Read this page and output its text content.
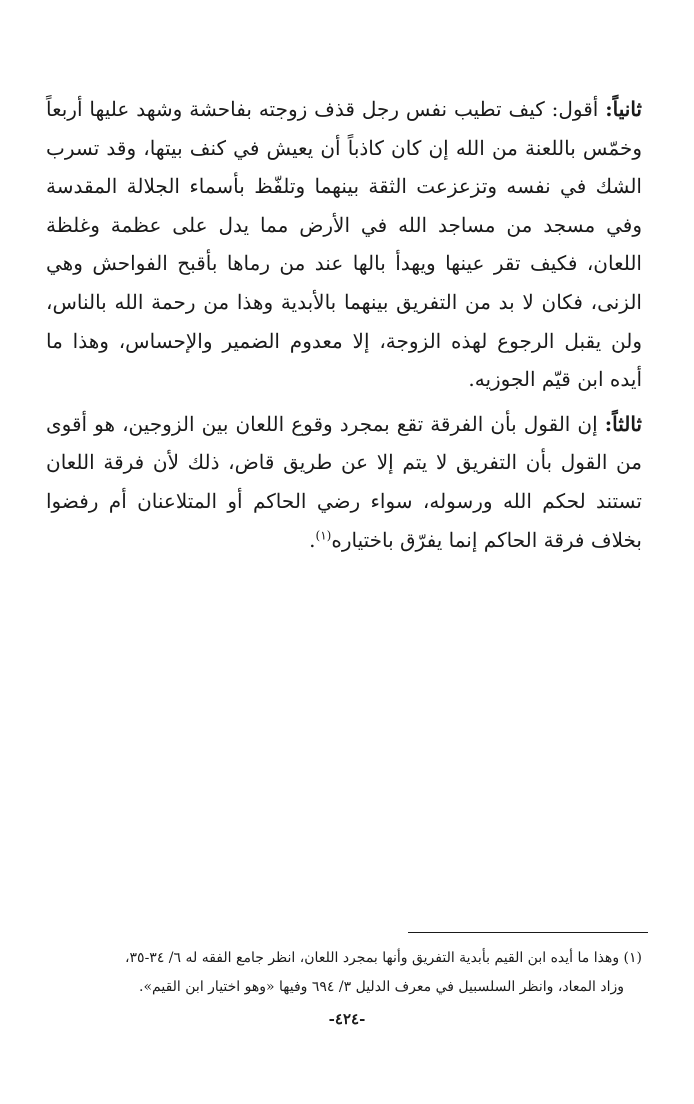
ثانياً: أقول: كيف تطيب نفس رجل قذف زوجته بفاحشة وشهد عليها أربعاً وخمّس باللعنة من الله إن كان كاذباً أن يعيش في كنف بيتها، وقد تسرب الشك في نفسه وتزعزعت الثقة بينهما وتلفّظ بأسماء الجلالة المقدسة وفي مسجد من مساجد الله في الأرض مما يدل على عظمة وغلظة اللعان، فكيف تقر عينها ويهدأ بالها عند من رماها بأقبح الفواحش وهي الزنى، فكان لا بد من التفريق بينهما بالأبدية وهذا من رحمة الله بالناس، ولن يقبل الرجوع لهذه الزوجة، إلا معدوم الضمير والإحساس، وهذا ما أيده ابن قيّم الجوزيه.

ثالثاً: إن القول بأن الفرقة تقع بمجرد وقوع اللعان بين الزوجين، هو أقوى من القول بأن التفريق لا يتم إلا عن طريق قاض، ذلك لأن فرقة اللعان تستند لحكم الله ورسوله، سواء رضي الحاكم أو المتلاعنان أم رفضوا بخلاف فرقة الحاكم إنما يفرّق باختياره$^{(١)}$.

(١) وهذا ما أيده ابن القيم بأبدية التفريق وأنها بمجرد اللعان، انظر جامع الفقه له ٦/ ٣٤-٣٥،

وزاد المعاد، وانظر السلسبيل في معرف الدليل ٣/ ٦٩٤ وفيها «وهو اختيار ابن القيم».

-٤٢٤-
